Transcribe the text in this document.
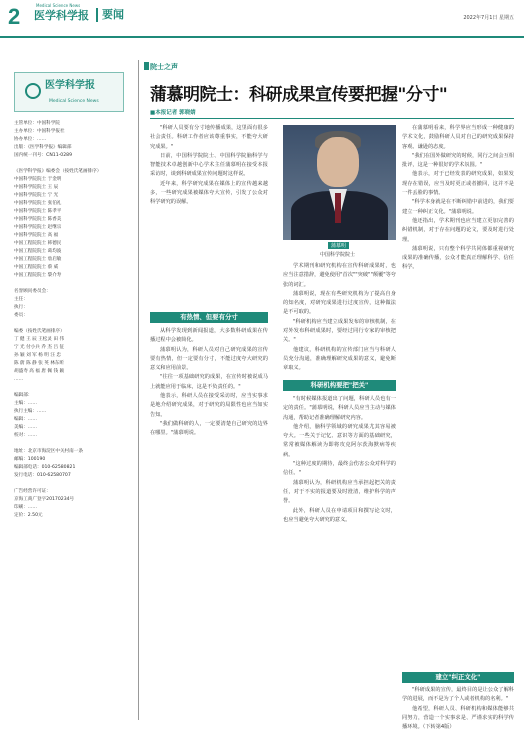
2	Medical Science News
医学科学报 要闻	2022年7月1日 星期五
医学科学报
Medical Science News
主管单位：中国科学院
主办单位：中国科学报社
协办单位：……
出版：《医学科学报》编辑部
国内统一刊号：CN11-0289

《医学科学报》编委会（按姓氏笔画排序）
中国科学院院士 于金明
中国科学院院士 王 辰
中国科学院院士 宁 光
中国科学院院士 张伯礼
中国科学院院士 陈孝平
中国科学院院士 陈香美
中国科学院院士 赵继宗
中国科学院院士 高 福
中国工程院院士 韩德民
中国工程院院士 葛均波
中国工程院院士 詹启敏
中国工程院院士 蔡 威
中国工程院院士 黎介寿

名誉顾问委员会：
主任：
执行：
委员：

编委（按姓氏笔画排序）
丁 健 王 辰 王松灵 田 伟
宁 光 付小兵 乔 杰 吕 征
孙 颖 刘 军 杨 明 汪 忠
陈 蔚 陈 静 张 英 林东昕
胡盛寿 高 福 唐 佩 钱 颖
……

编辑部：
主编：……
执行主编：……
编辑：……
美编：……
校对：……

地址：北京市海淀区中关村南一条
邮编：100190
编辑部电话：010-62580821
发行电话：010-62580707

广告经营许可证：
京海工商广登字20170234号
印刷：……
定价：2.50元
院士之声
蒲慕明院士：科研成果宣传要把握"分寸"
■本报记者 郭晓婧

"科研人员要有分寸地传播成果，这里面有很多社会责任。科研工作者应该尊重事实，不能夸大研究成果。"

日前，中国科学院院士、中国科学院脑科学与智能技术卓越创新中心学术主任蒲慕明在接受本报采访时，谈到科研成果宣传问题时这样说。

近年来，科学研究成果在媒体上的宣传越来越多，一些研究成果被媒体夸大宣传，引发了公众对科学研究的误解。

有热情、但要有分寸

从科学发现到新闻报道，大多数科研成果在传播过程中会被简化。

蒲慕明认为，科研人员对自己研究成果的宣传要有热情，但一定要有分寸，不能过度夸大研究的意义和应用前景。

"往往一项基础研究的成果，在宣传时被说成马上就能应用于临床，这是不负责任的。"

他表示，科研人员在接受采访时，应当实事求是地介绍研究成果，对于研究的局限性也应当如实告知。

"我们做科研的人，一定要清楚自己研究的边界在哪里。"蒲慕明说。

蒲慕明
中国科学院院士

学术期刊和研究机构在宣传科研成果时，也应当注意措辞，避免使用"首次""突破""颠覆"等夸张的词汇。

蒲慕明说，现在有些研究机构为了提高自身的知名度，对研究成果进行过度宣传，这种做法是不可取的。

"科研机构应当建立成果发布的审核机制，在对外发布科研成果时，要经过同行专家的审核把关。"

他建议，科研机构的宣传部门应当与科研人员充分沟通，准确理解研究成果的意义，避免断章取义。

科研机构要把"把关"

"有时候媒体报道出了问题，科研人员也有一定的责任。"蒲慕明说，科研人员应当主动与媒体沟通，帮助记者准确理解研究内容。

他介绍，脑科学领域的研究成果尤其容易被夸大。一些关于记忆、意识等方面的基础研究，常常被媒体解读为即将攻克阿尔茨海默病等疾病。

"这种过度的期待，最终会伤害公众对科学的信任。"

蒲慕明认为，科研机构应当承担起把关的责任，对于不实的报道要及时澄清，维护科学的声誉。

此外，科研人员在申请项目和撰写论文时，也应当避免夸大研究的意义。

在蒲慕明看来，科学界应当形成一种健康的学术文化，鼓励科研人员对自己的研究成果保持客观、谦逊的态度。

"我们在国外做研究的时候，同行之间会互相批评，这是一种很好的学术氛围。"

他表示，对于已经发表的研究成果，如果发现存在错误，应当及时更正或者撤回，这并不是一件丢脸的事情。

"科学本身就是在不断纠错中前进的，我们要建立一种纠正文化。"蒲慕明说。

他还指出，学术期刊也应当建立更加完善的纠错机制，对于存在问题的论文，要及时进行处理。

蒲慕明说，只有整个科学共同体都重视研究成果的准确传播，公众才能真正理解科学、信任科学。

建立"纠正文化"

"科研成果的宣传，最终目的是让公众了解科学的进展，而不是为了个人或者机构的名利。"

他希望，科研人员、科研机构和媒体能够共同努力，营造一个实事求是、严谨求实的科学传播环境。（下转第4版）
